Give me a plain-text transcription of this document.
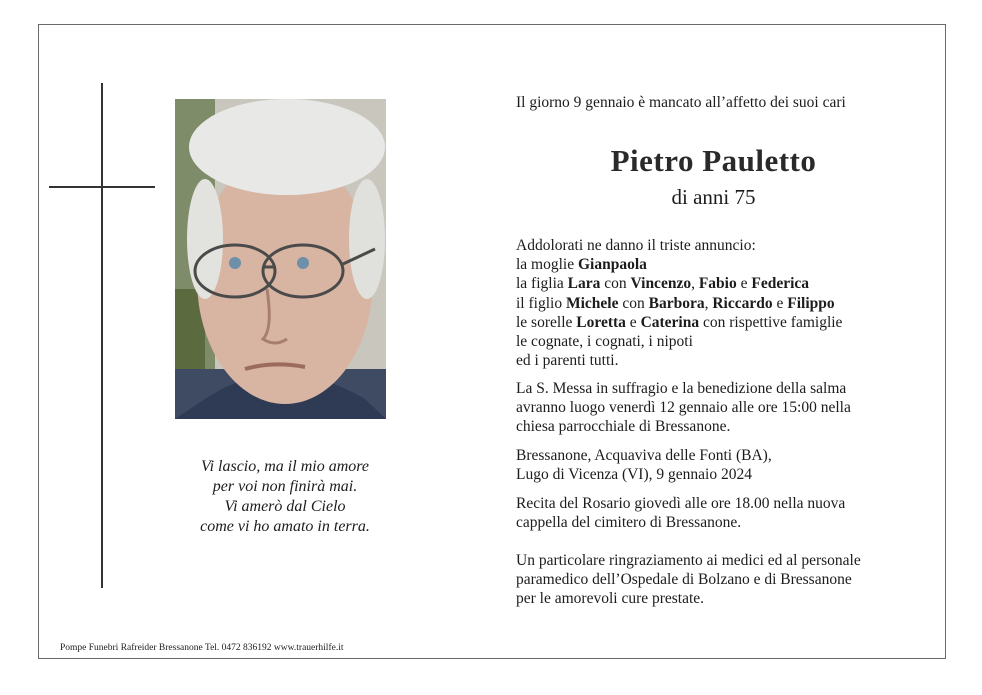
Vi lascio, ma il mio amore
per voi non finirà mai.
Vi amerò dal Cielo
come vi ho amato in terra.
Il giorno 9 gennaio è mancato all’affetto dei suoi cari
Pietro Pauletto
di anni 75
Addolorati ne danno il triste annuncio:
la moglie Gianpaola
la figlia Lara con Vincenzo, Fabio e Federica
il figlio Michele con Barbora, Riccardo e Filippo
le sorelle Loretta e Caterina con rispettive famiglie
le cognate, i cognati, i nipoti
ed i parenti tutti.
La S. Messa in suffragio e la benedizione della salma
avranno luogo venerdì 12 gennaio alle ore 15:00 nella
chiesa parrocchiale di Bressanone.
Bressanone, Acquaviva delle Fonti (BA),
Lugo di Vicenza (VI), 9 gennaio 2024
Recita del Rosario giovedì alle ore 18.00 nella nuova
cappella del cimitero di Bressanone.
Un particolare ringraziamento ai medici ed al personale
paramedico dell’Ospedale di Bolzano e di Bressanone
per le amorevoli cure prestate.
Pompe Funebri Rafreider Bressanone Tel. 0472 836192 www.trauerhilfe.it
